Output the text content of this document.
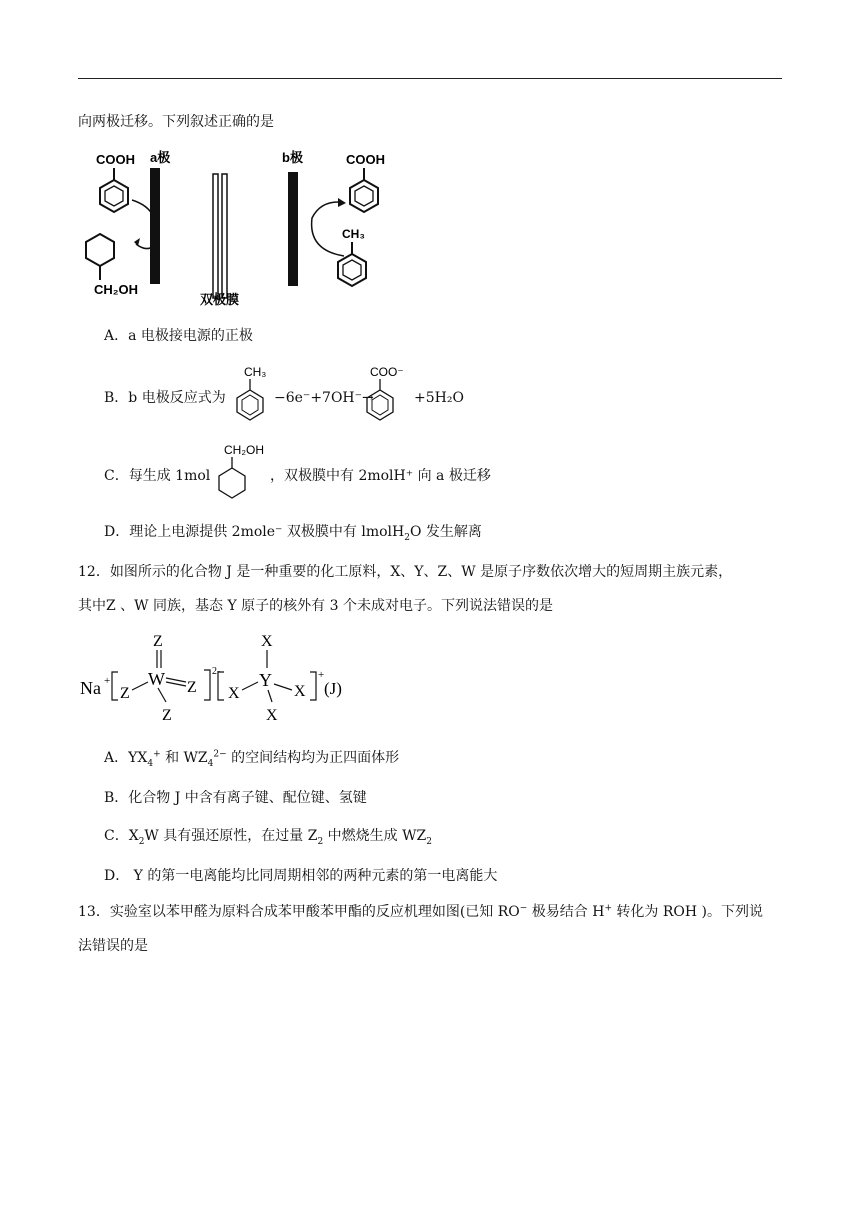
向两极迁移。下列叙述正确的是
COOH
CH₂OH
a极
双极膜
b极	COOH
CH₃
A．a 电极接电源的正极
B．b 电极反应式为
CH₃
−6e⁻+7OH⁻→
COO⁻
+5H₂O
C．每生成 1mol
CH₂OH
，双极膜中有 2molH⁺ 向 a 极迁移
D．理论上电源提供 2mole⁻ 双极膜中有 lmolH$_2$O 发生解离
12．如图所示的化合物 J 是一种重要的化工原料，X、Y、Z、W 是原子序数依次增大的短周期主族元素，
其中Z 、W 同族，基态 Y 原子的核外有 3 个未成对电子。下列说法错误的是
Na +
Z
W
Z
Z
Z
2-
X
Y
X
X
X
+
(J)
A．$YX_4^+$ 和 $WZ_4^{2-}$ 的空间结构均为正四面体形
B．化合物 J 中含有离子键、配位键、氢键
C．$X_2W$ 具有强还原性，在过量 $Z_2$ 中燃烧生成 $WZ_2$
D． Y 的第一电离能均比同周期相邻的两种元素的第一电离能大
13．实验室以苯甲醛为原料合成苯甲酸苯甲酯的反应机理如图(已知 RO− 极易结合 H+ 转化为 ROH )。下列说
法错误的是
